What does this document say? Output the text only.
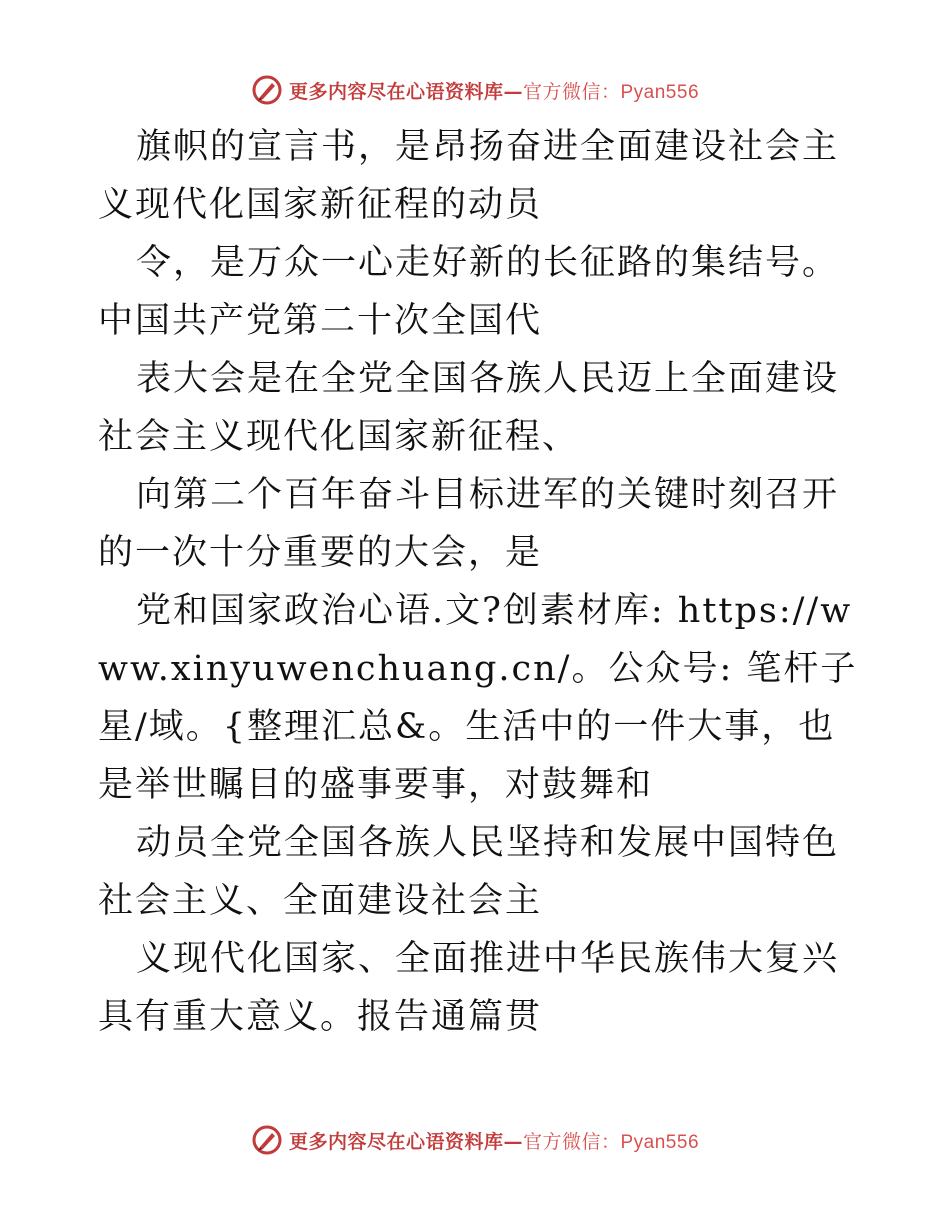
更多内容尽在心语资料库—官方微信：Pyan556

旗帜的宣言书，是昂扬奋进全面建设社会主义现代化国家新征程的动员

令，是万众一心走好新的长征路的集结号。中国共产党第二十次全国代

表大会是在全党全国各族人民迈上全面建设社会主义现代化国家新征程、

向第二个百年奋斗目标进军的关键时刻召开的一次十分重要的大会，是

党和国家政治心语.文?创素材库: https://www.xinyuwenchuang.cn/。公众号: 笔杆子星/域。{整理汇总&。生活中的一件大事，也是举世瞩目的盛事要事，对鼓舞和

动员全党全国各族人民坚持和发展中国特色社会主义、全面建设社会主

义现代化国家、全面推进中华民族伟大复兴具有重大意义。报告通篇贯

更多内容尽在心语资料库—官方微信：Pyan556
